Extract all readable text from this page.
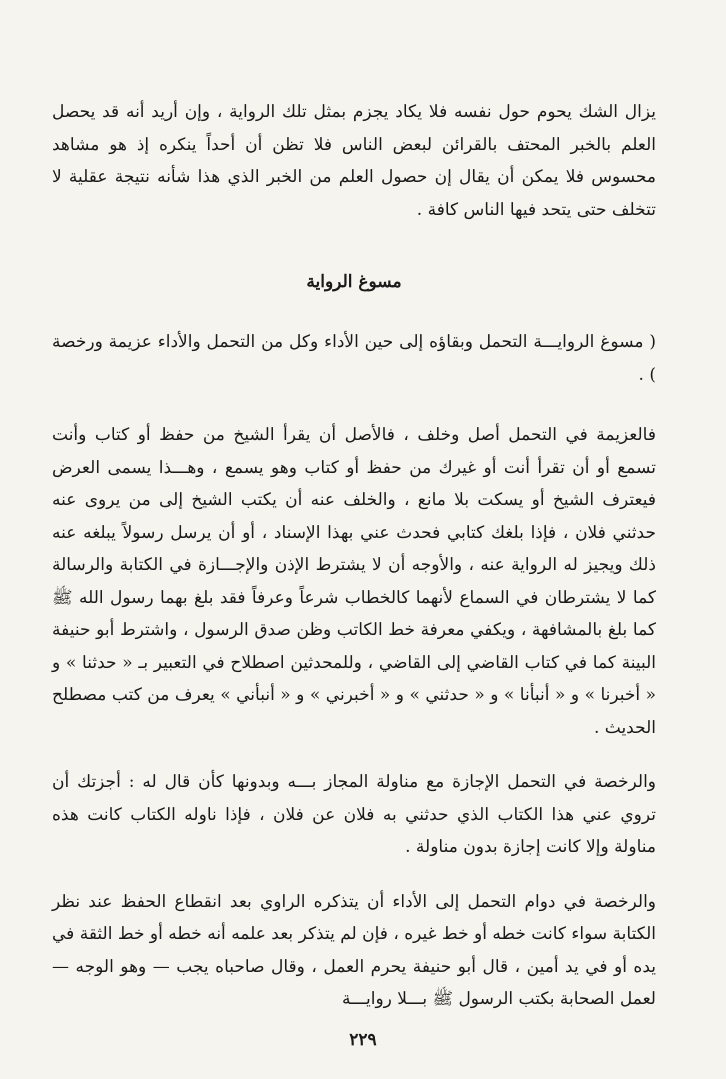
يزال الشك يحوم حول نفسه فلا يكاد يجزم بمثل تلك الرواية ، وإن أريد أنه قد يحصل العلم بالخبر المحتف بالقرائن لبعض الناس فلا تظن أن أحداً ينكره إذ هو مشاهد محسوس فلا يمكن أن يقال إن حصول العلم من الخبر الذي هذا شأنه نتيجة عقلية لا تتخلف حتى يتحد فيها الناس كافة .

مسوغ الرواية

( مسوغ الروايـــة التحمل وبقاؤه إلى حين الأداء وكل من التحمل والأداء عزيمة ورخصة ) .

فالعزيمة في التحمل أصل وخلف ، فالأصل أن يقرأ الشيخ من حفظ أو كتاب وأنت تسمع أو أن تقرأ أنت أو غيرك من حفظ أو كتاب وهو يسمع ، وهـــذا يسمى العرض فيعترف الشيخ أو يسكت بلا مانع ، والخلف عنه أن يكتب الشيخ إلى من يروى عنه حدثني فلان ، فإذا بلغك كتابي فحدث عني بهذا الإسناد ، أو أن يرسل رسولاً يبلغه عنه ذلك ويجيز له الرواية عنه ، والأوجه أن لا يشترط الإذن والإجـــازة في الكتابة والرسالة كما لا يشترطان في السماع لأنهما كالخطاب شرعاً وعرفاً فقد بلغ بهما رسول الله ﷺ كما بلغ بالمشافهة ، ويكفي معرفة خط الكاتب وظن صدق الرسول ، واشترط أبو حنيفة البينة كما في كتاب القاضي إلى القاضي ، وللمحدثين اصطلاح في التعبير بـ « حدثنا » و « أخبرنا » و « أنبأنا » و « حدثني » و « أخبرني » و « أنبأني » يعرف من كتب مصطلح الحديث .

والرخصة في التحمل الإجازة مع مناولة المجاز بـــه وبدونها كأن قال له : أجزتك أن تروي عني هذا الكتاب الذي حدثني به فلان عن فلان ، فإذا ناوله الكتاب كانت هذه مناولة وإلا كانت إجازة بدون مناولة .

والرخصة في دوام التحمل إلى الأداء أن يتذكره الراوي بعد انقطاع الحفظ عند نظر الكتابة سواء كانت خطه أو خط غيره ، فإن لم يتذكر بعد علمه أنه خطه أو خط الثقة في يده أو في يد أمين ، قال أبو حنيفة يحرم العمل ، وقال صاحباه يجب — وهو الوجه — لعمل الصحابة بكتب الرسول ﷺ بـــلا روايـــة

٢٢٩
